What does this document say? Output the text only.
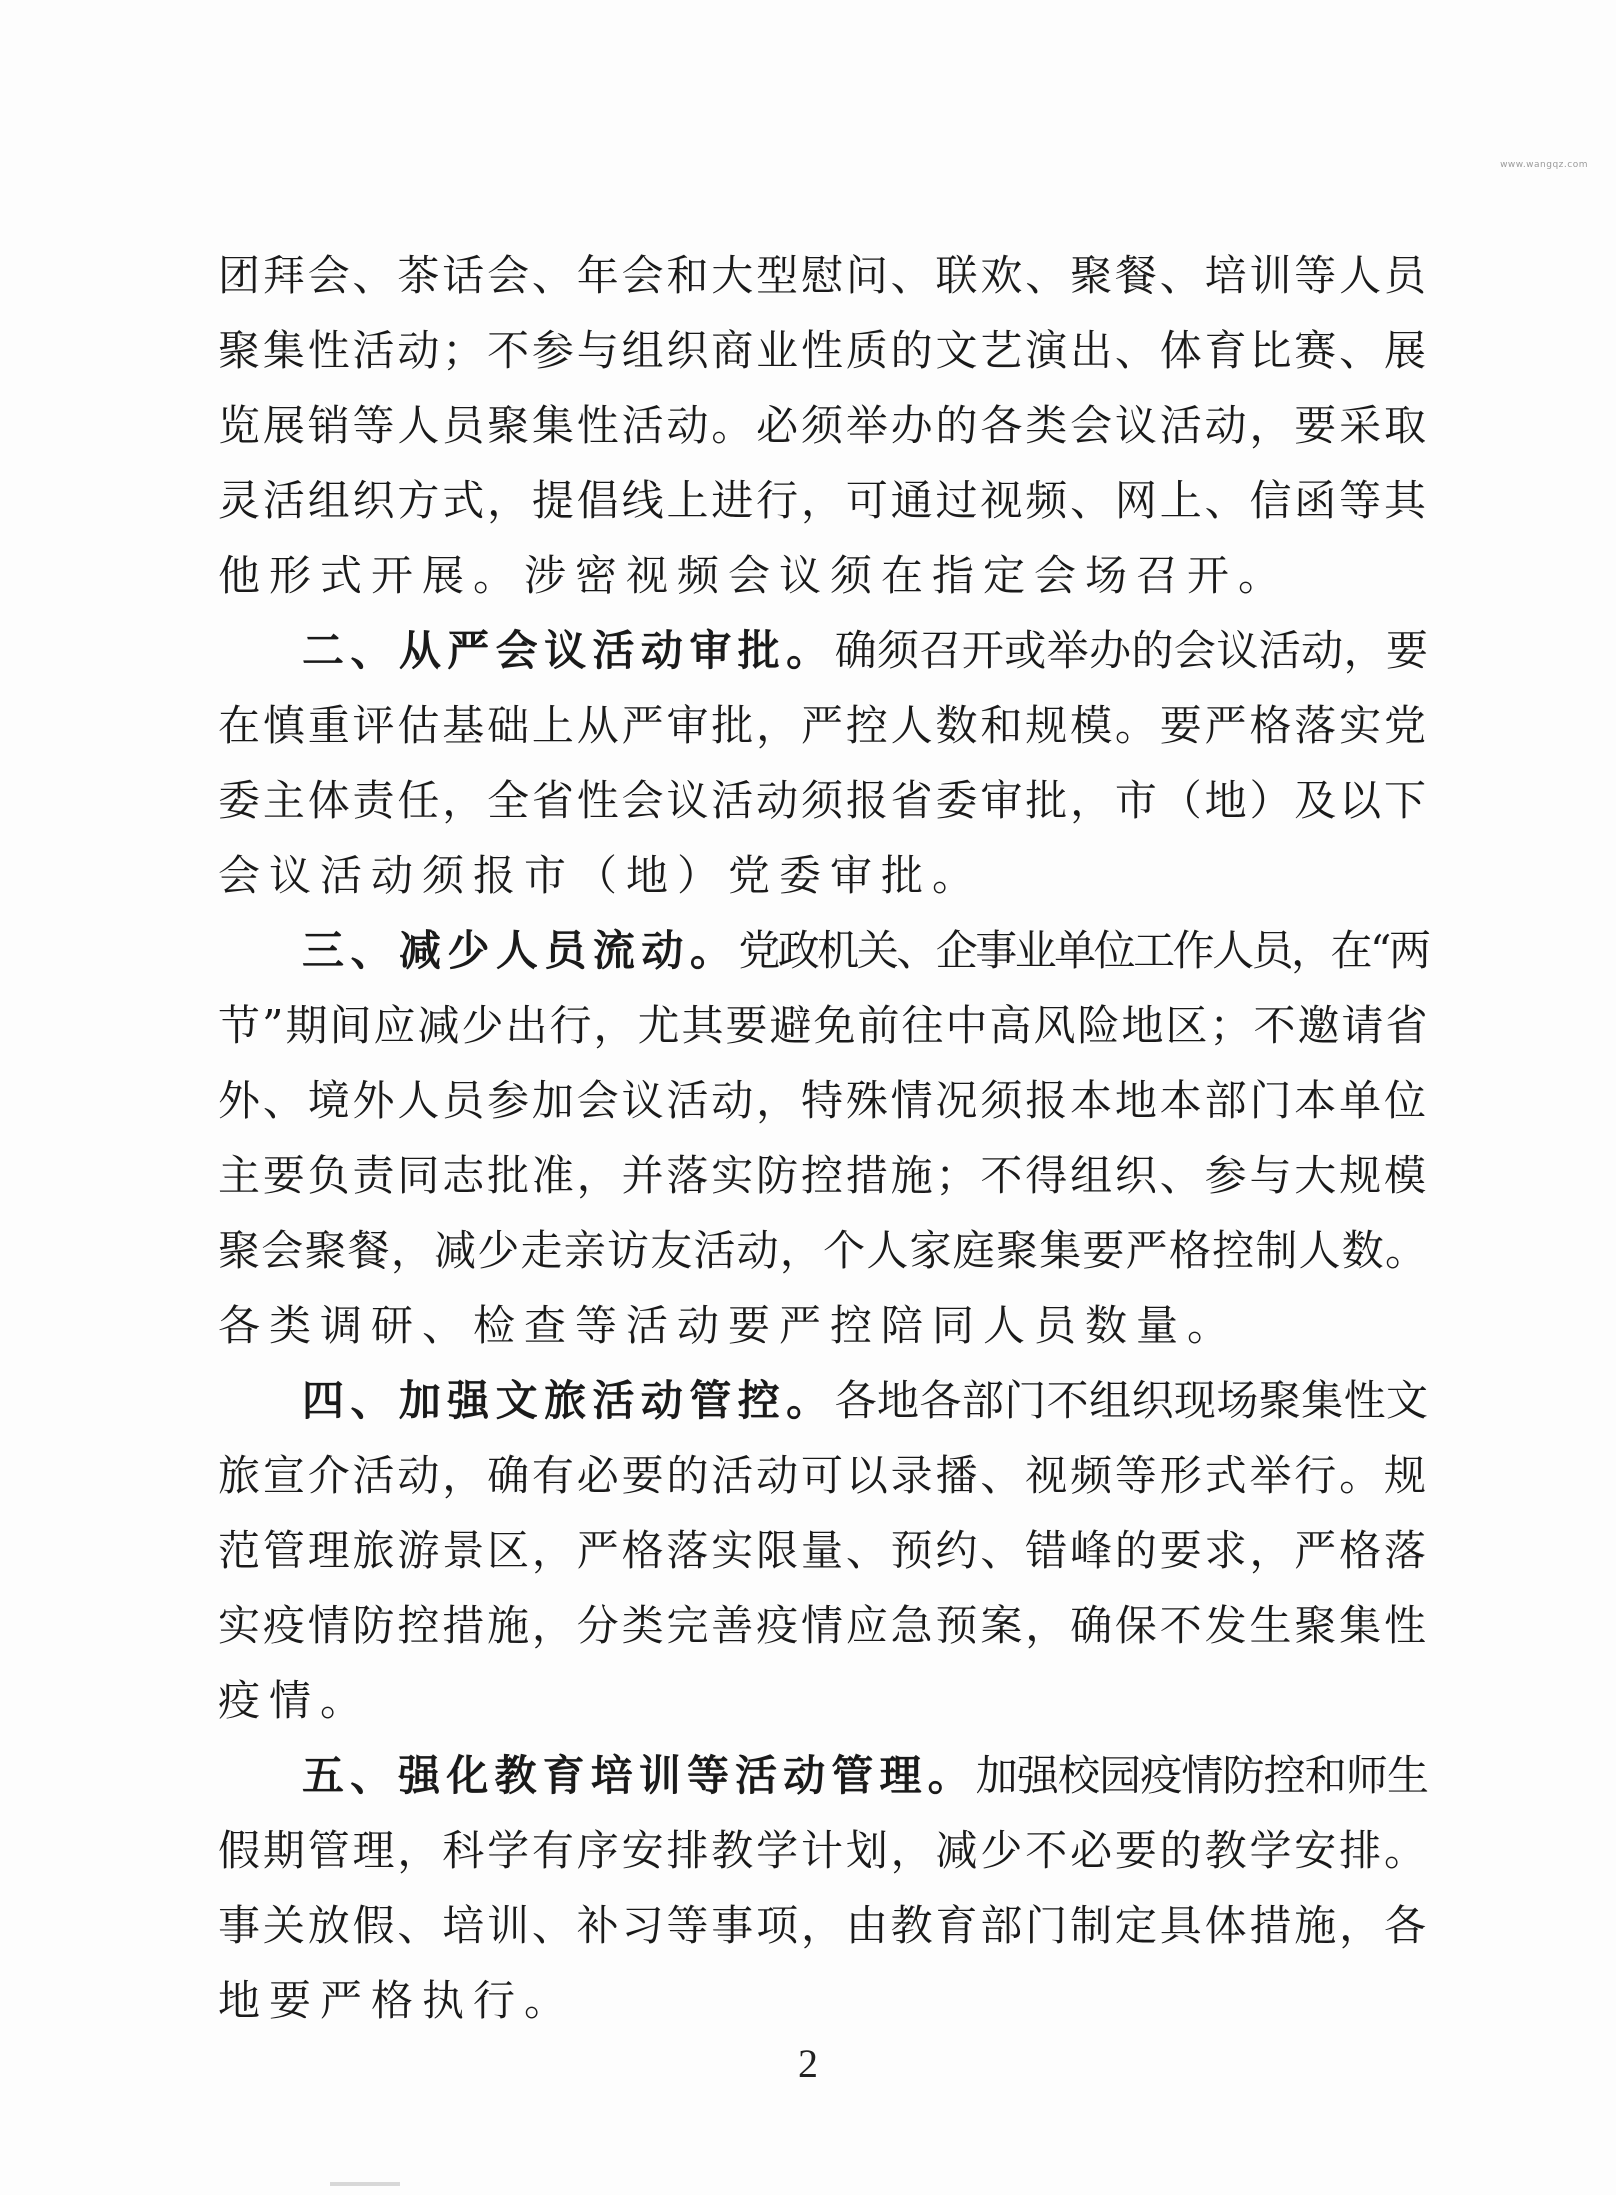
www.wangqz.com
团拜会、茶话会、年会和大型慰问、联欢、聚餐、培训等人员
聚集性活动；不参与组织商业性质的文艺演出、体育比赛、展
览展销等人员聚集性活动。必须举办的各类会议活动，要采取
灵活组织方式，提倡线上进行，可通过视频、网上、信函等其
他形式开展。涉密视频会议须在指定会场召开。
二、从严会议活动审批。确须召开或举办的会议活动，要
在慎重评估基础上从严审批，严控人数和规模。要严格落实党
委主体责任，全省性会议活动须报省委审批，市（地）及以下
会议活动须报市（地）党委审批。
三、减少人员流动。党政机关、企事业单位工作人员，在“两
节”期间应减少出行，尤其要避免前往中高风险地区；不邀请省
外、境外人员参加会议活动，特殊情况须报本地本部门本单位
主要负责同志批准，并落实防控措施；不得组织、参与大规模
聚会聚餐，减少走亲访友活动，个人家庭聚集要严格控制人数。
各类调研、检查等活动要严控陪同人员数量。
四、加强文旅活动管控。各地各部门不组织现场聚集性文
旅宣介活动，确有必要的活动可以录播、视频等形式举行。规
范管理旅游景区，严格落实限量、预约、错峰的要求，严格落
实疫情防控措施，分类完善疫情应急预案，确保不发生聚集性
疫情。
五、强化教育培训等活动管理。加强校园疫情防控和师生
假期管理，科学有序安排教学计划，减少不必要的教学安排。
事关放假、培训、补习等事项，由教育部门制定具体措施，各
地要严格执行。
2
